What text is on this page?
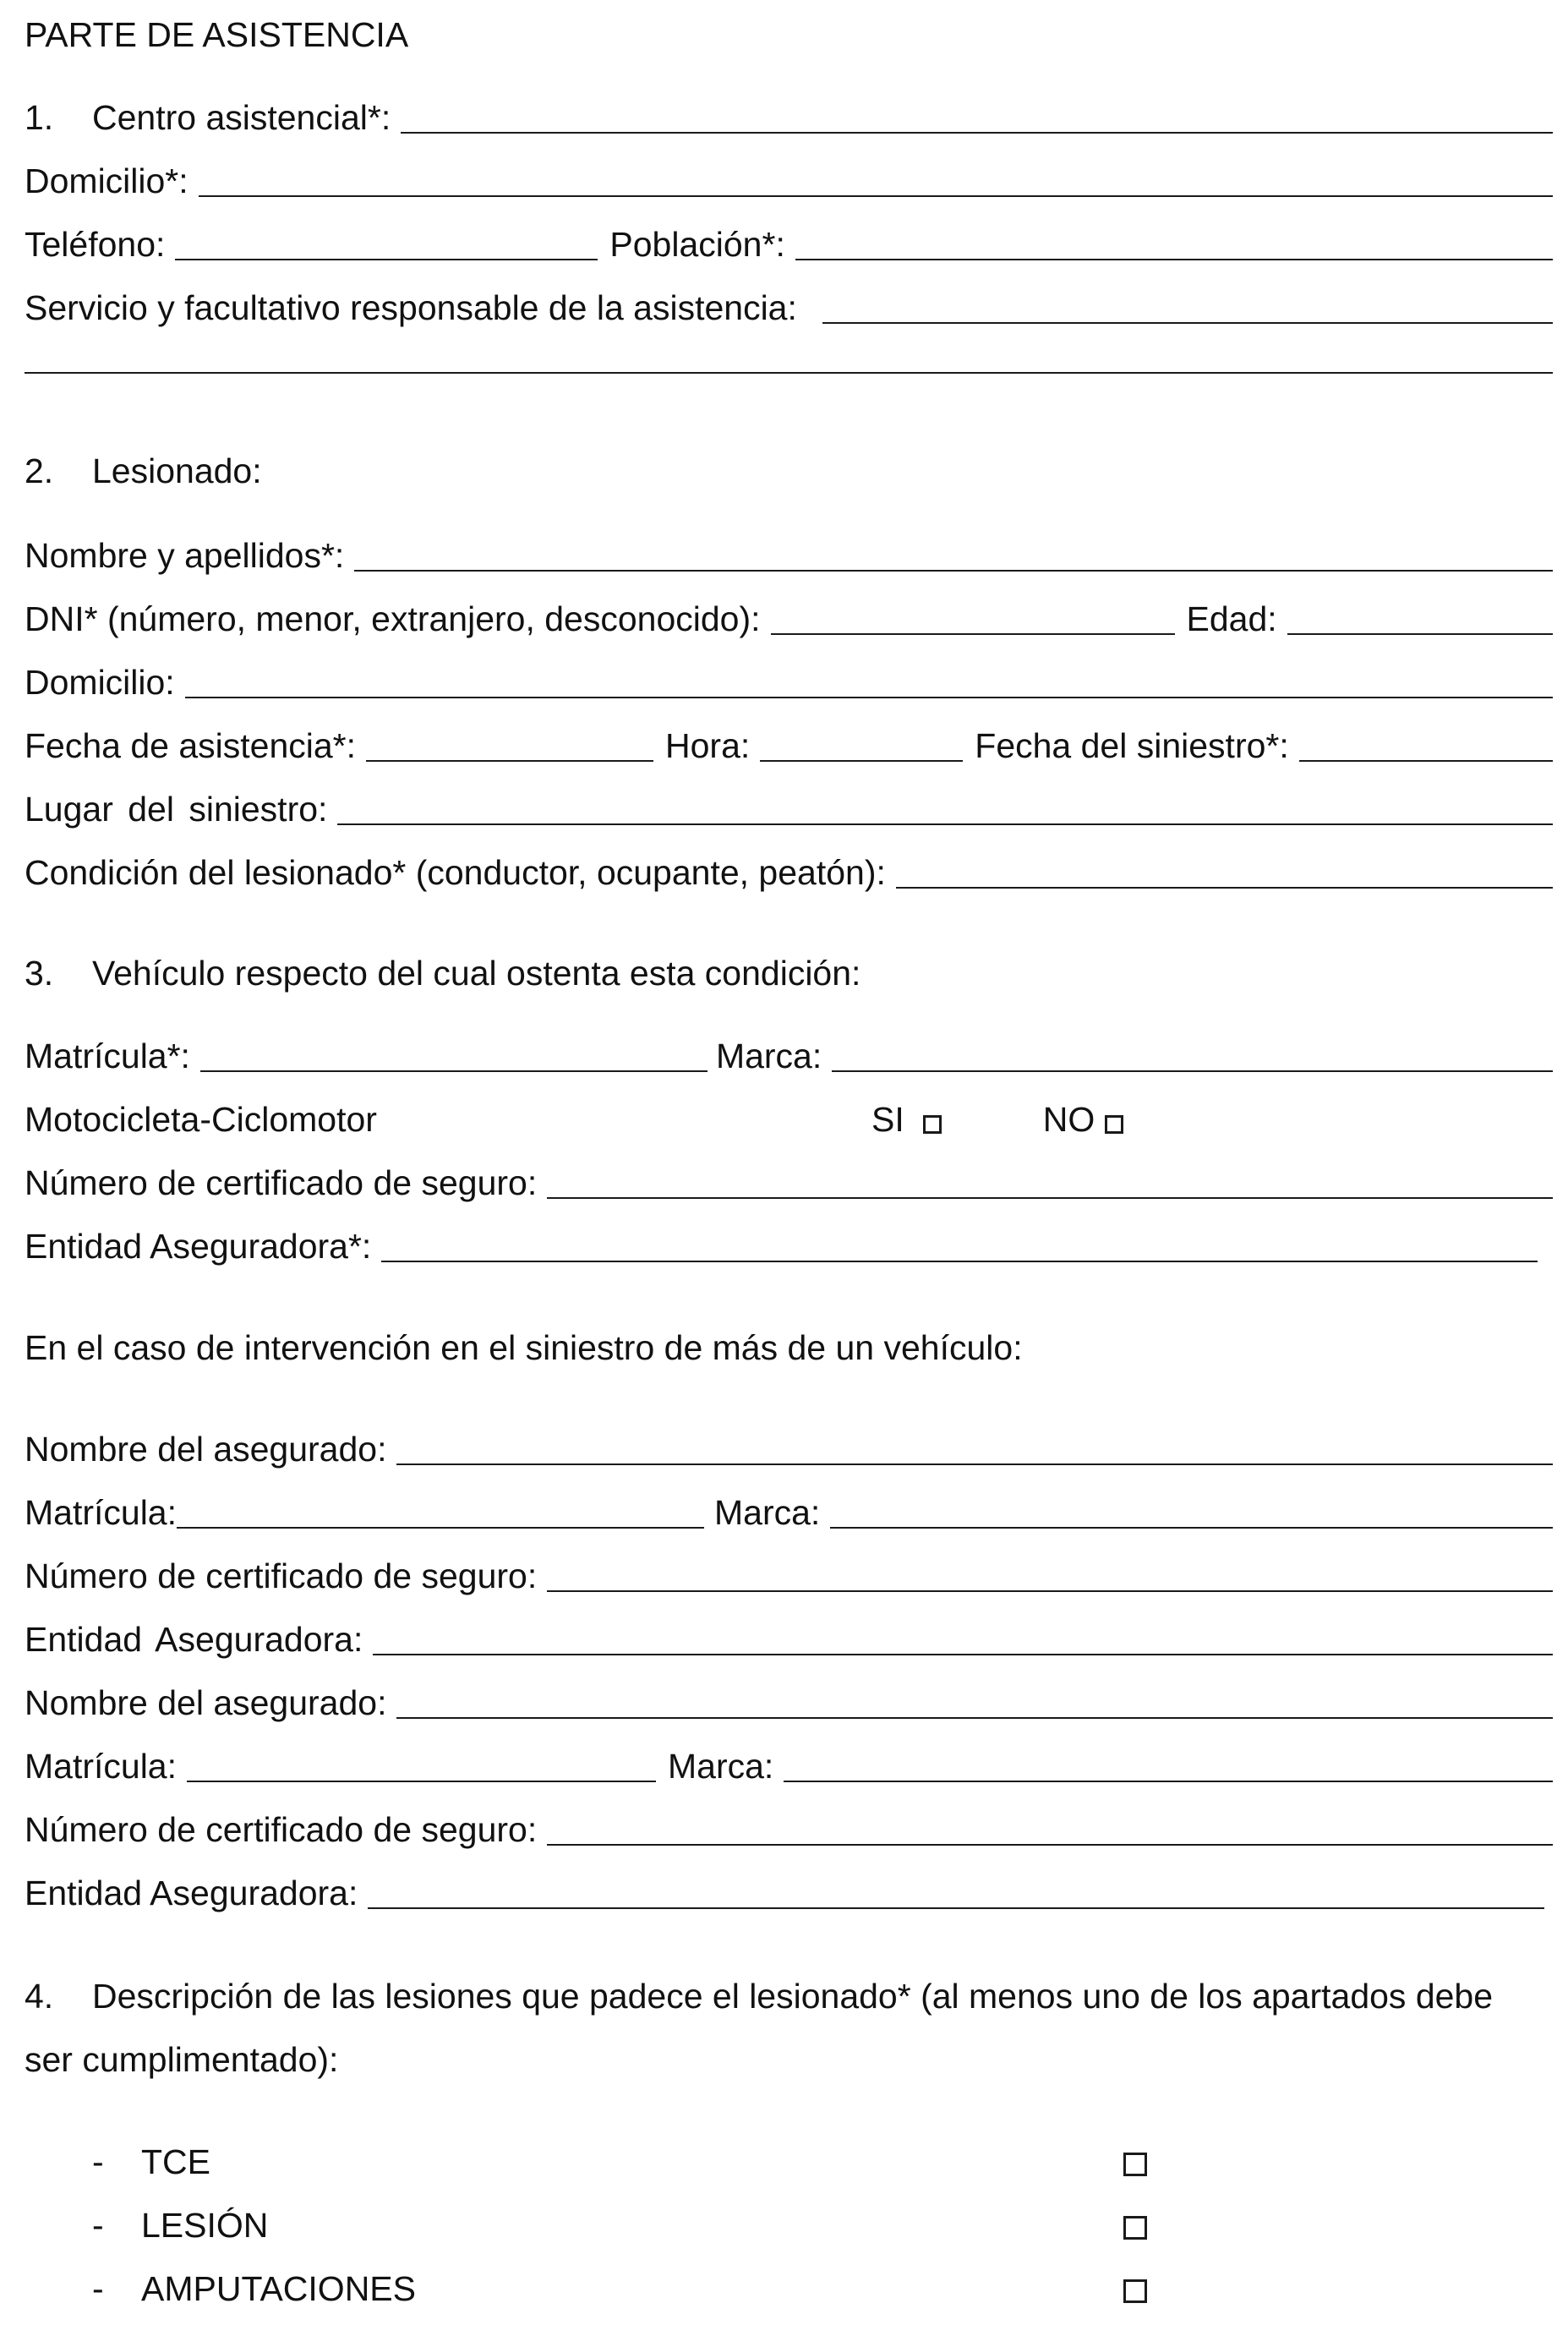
PARTE DE ASISTENCIA
1.	Centro asistencial*:
Domicilio*:
Teléfono:	Población*:
Servicio y facultativo responsable de la asistencia:
2.	Lesionado:
Nombre y apellidos*:
DNI* (número, menor, extranjero, desconocido):	Edad:
Domicilio:
Fecha de asistencia*:	Hora:	Fecha del siniestro*:
Lugar del siniestro:
Condición del lesionado* (conductor, ocupante, peatón):
3.	Vehículo respecto del cual ostenta esta condición:
Matrícula*:	Marca:
Motocicleta-Ciclomotor	SI	NO
Número de certificado de seguro:
Entidad Aseguradora*:
En el caso de intervención en el siniestro de más de un vehículo:
Nombre del asegurado:
Matrícula:	Marca:
Número de certificado de seguro:
Entidad Aseguradora:
Nombre del asegurado:
Matrícula:	Marca:
Número de certificado de seguro:
Entidad Aseguradora:
4.	Descripción de las lesiones que padece el lesionado* (al menos uno de los apartados debe
ser cumplimentado):
- TCE
- LESIÓN
- AMPUTACIONES
